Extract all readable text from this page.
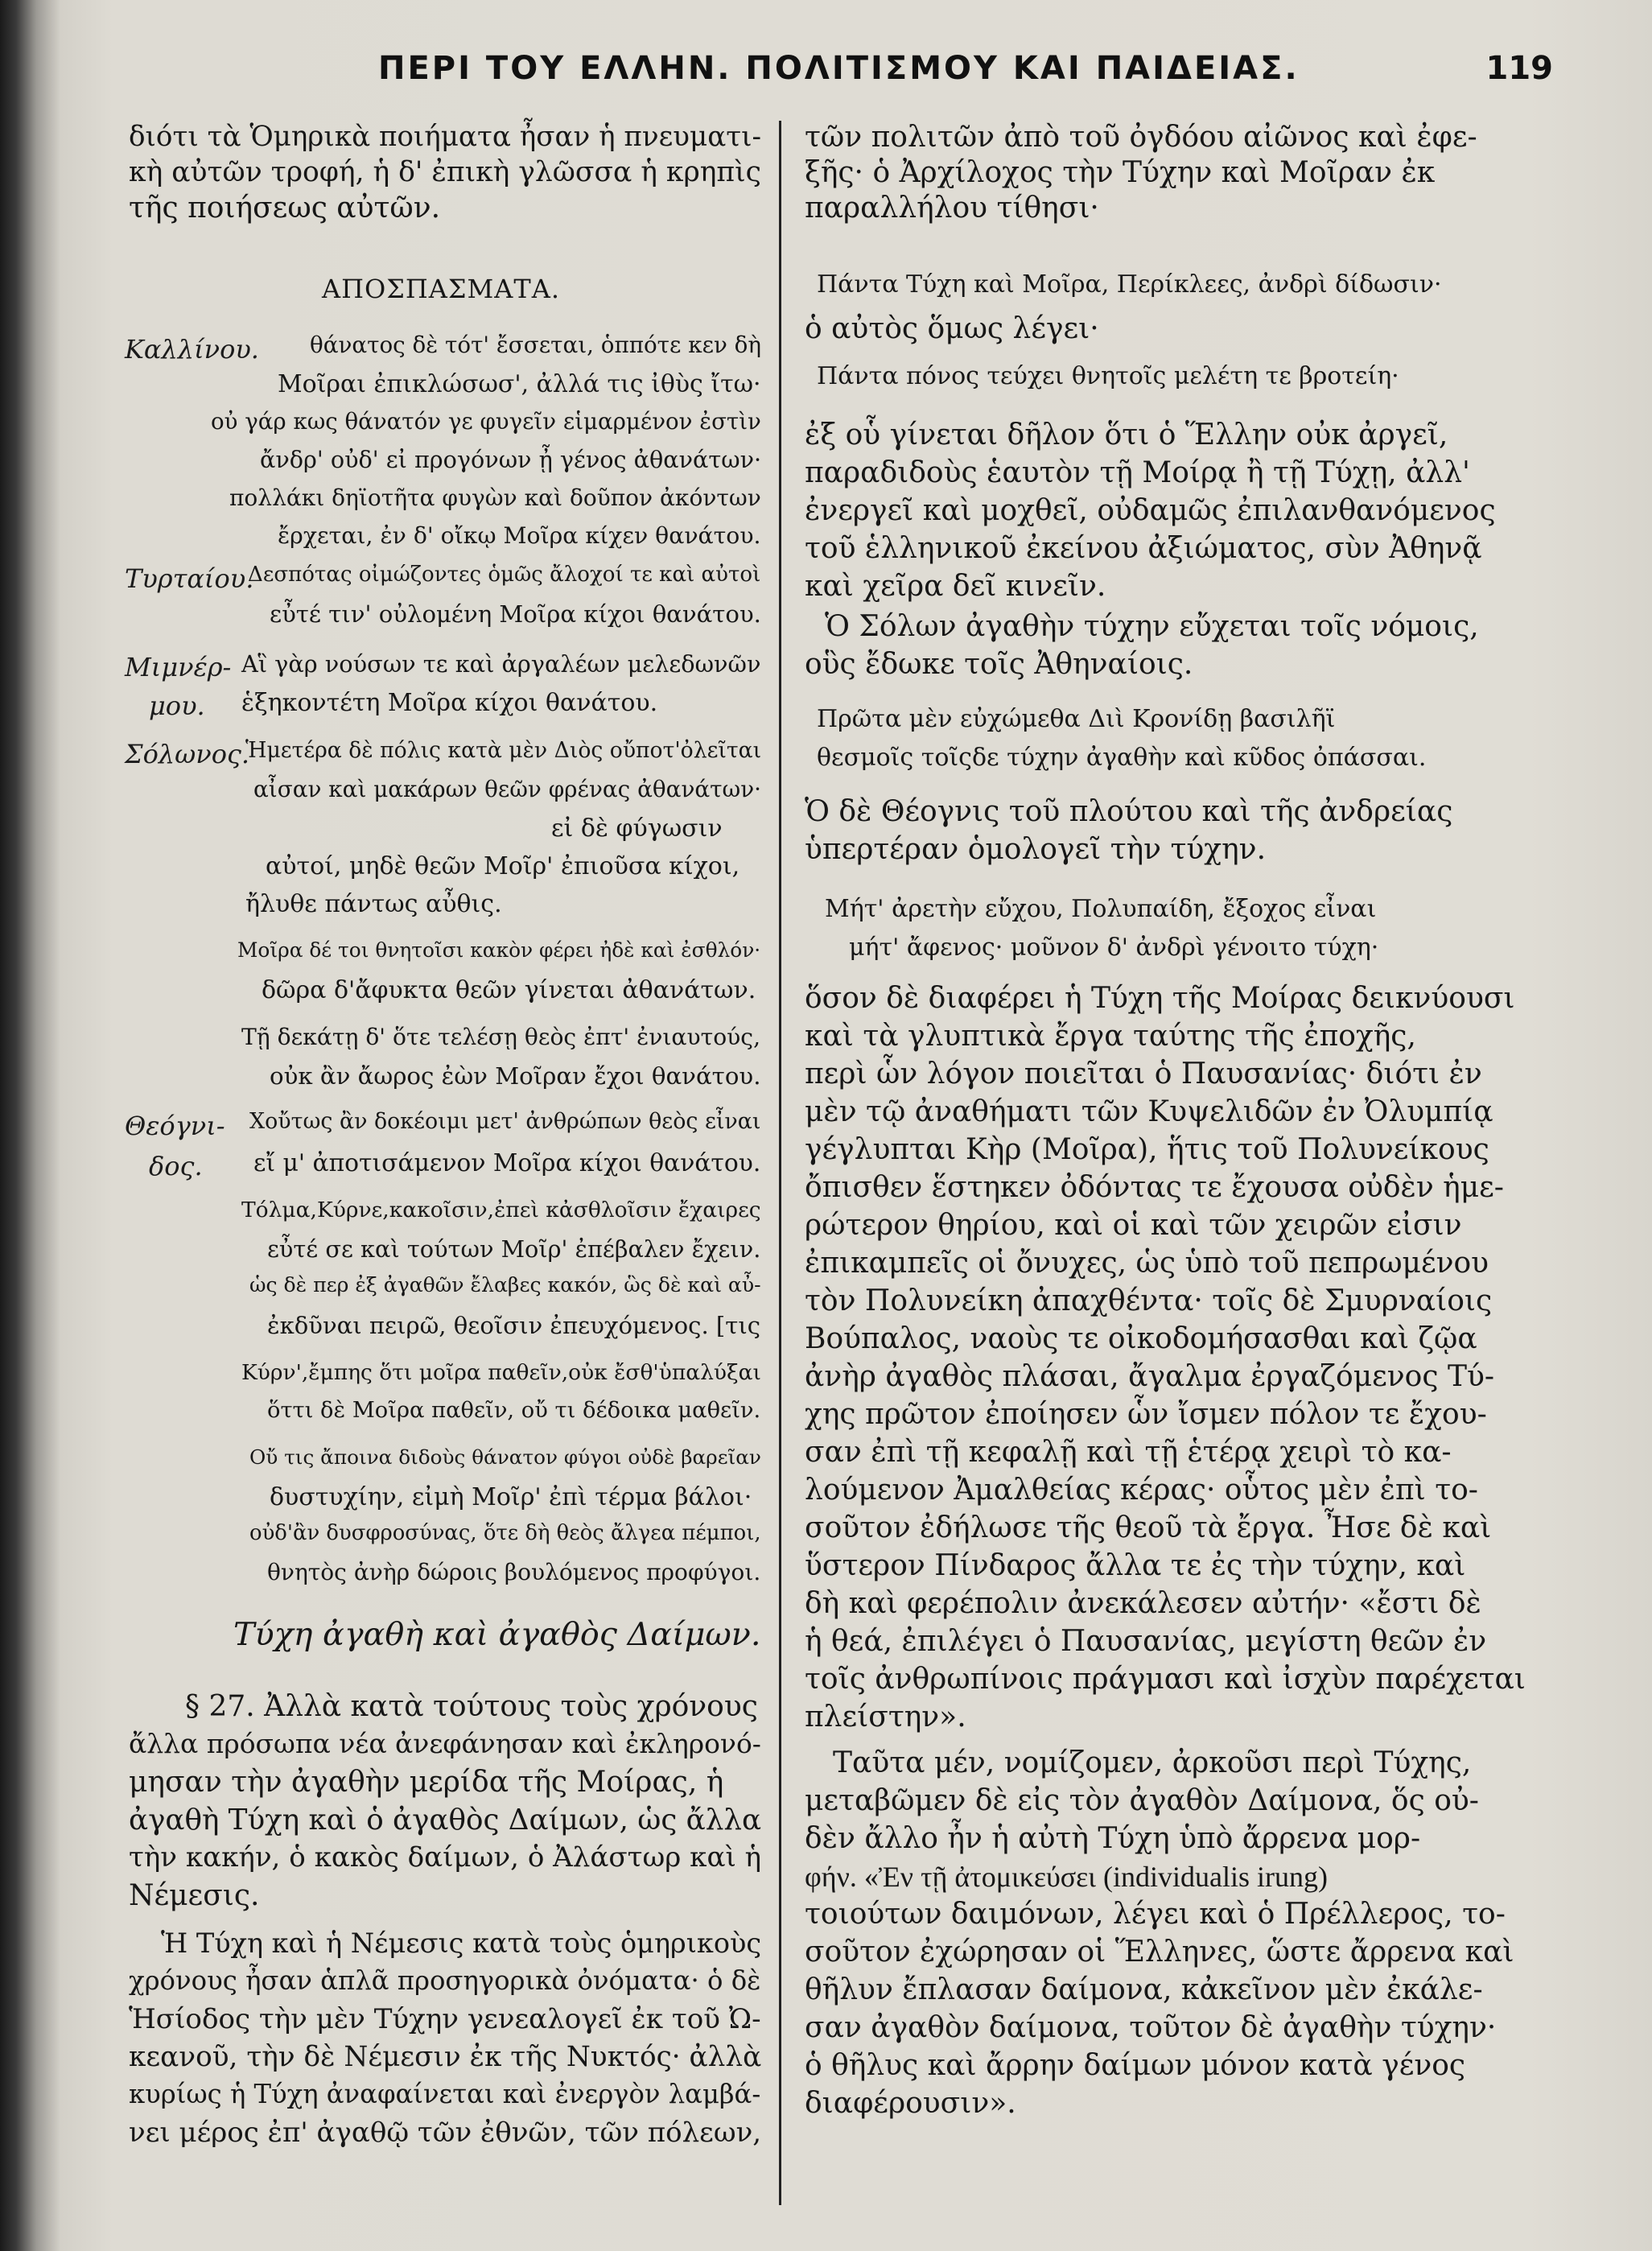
ΠΕΡΙ ΤΟΥ ΕΛΛΗΝ. ΠΟΛΙΤΙΣΜΟΥ ΚΑΙ ΠΑΙΔΕΙΑΣ.	119
διότι τὰ Ὁμηρικὰ ποιήματα ἦσαν ἡ πνευματι-
κὴ αὐτῶν τροφή, ἡ δ' ἐπικὴ γλῶσσα ἡ κρηπὶς
τῆς ποιήσεως αὐτῶν.
ΑΠΟΣΠΑΣΜΑΤΑ.
Καλλίνου. θάνατος δὲ τότ' ἔσσεται, ὁππότε κεν δὴ
Μοῖραι ἐπικλώσωσ', ἀλλά τις ἰθὺς ἴτω·
οὐ γάρ κως θάνατόν γε φυγεῖν εἱμαρμένον ἐστὶν
ἄνδρ' οὐδ' εἰ προγόνων ᾖ γένος ἀθανάτων·
πολλάκι δηϊοτῆτα φυγὼν καὶ δοῦπον ἀκόντων
ἔρχεται, ἐν δ' οἴκῳ Μοῖρα κίχεν θανάτου.
Τυρταίου.
Δεσπότας οἰμώζοντες ὁμῶς ἄλοχοί τε καὶ αὐτοὶ
εὖτέ τιν' οὐλομένη Μοῖρα κίχοι θανάτου.
Μιμνέρ-
μου.
Αἳ γὰρ νούσων τε καὶ ἀργαλέων μελεδωνῶν
ἑξηκοντέτη Μοῖρα κίχοι θανάτου.
Σόλωνος.
Ἡμετέρα δὲ πόλις κατὰ μὲν Διὸς οὔποτ'ὀλεῖται
αἶσαν καὶ μακάρων θεῶν φρένας ἀθανάτων·
εἰ δὲ φύγωσιν
αὐτοί, μηδὲ θεῶν Μοῖρ' ἐπιοῦσα κίχοι,
ἤλυθε πάντως αὖθις.
Μοῖρα δέ τοι θνητοῖσι κακὸν φέρει ἠδὲ καὶ ἐσθλόν·
δῶρα δ'ἄφυκτα θεῶν γίνεται ἀθανάτων.
Τῇ δεκάτῃ δ' ὅτε τελέσῃ θεὸς ἐπτ' ἐνιαυτούς,
οὐκ ἂν ἄωρος ἐὼν Μοῖραν ἔχοι θανάτου.
Θεόγνι-
δος.
Χοὔτως ἂν δοκέοιμι μετ' ἀνθρώπων θεὸς εἶναι
εἴ μ' ἀποτισάμενον Μοῖρα κίχοι θανάτου.
Τόλμα,Κύρνε,κακοῖσιν,ἐπεὶ κἀσθλοῖσιν ἔχαιρες
εὖτέ σε καὶ τούτων Μοῖρ' ἐπέβαλεν ἔχειν.
ὡς δὲ περ ἐξ ἀγαθῶν ἔλαβες κακόν, ὣς δὲ καὶ αὖ-
ἐκδῦναι πειρῶ, θεοῖσιν ἐπευχόμενος. [τις
Κύρν',ἔμπης ὅτι μοῖρα παθεῖν,οὐκ ἔσθ'ὑπαλύξαι
ὅττι δὲ Μοῖρα παθεῖν, οὔ τι δέδοικα μαθεῖν.
Οὔ τις ἄποινα διδοὺς θάνατον φύγοι οὐδὲ βαρεῖαν
δυστυχίην, εἰμὴ Μοῖρ' ἐπὶ τέρμα βάλοι·
οὐδ'ἂν δυσφροσύνας, ὅτε δὴ θεὸς ἄλγεα πέμποι,
θνητὸς ἀνὴρ δώροις βουλόμενος προφύγοι.
Τύχη ἀγαθὴ καὶ ἀγαθὸς Δαίμων.
§ 27. Ἀλλὰ κατὰ τούτους τοὺς χρόνους
ἄλλα πρόσωπα νέα ἀνεφάνησαν καὶ ἐκληρονό-
μησαν τὴν ἀγαθὴν μερίδα τῆς Μοίρας, ἡ
ἀγαθὴ Τύχη καὶ ὁ ἀγαθὸς Δαίμων, ὡς ἄλλα
τὴν κακήν, ὁ κακὸς δαίμων, ὁ Ἀλάστωρ καὶ ἡ
Νέμεσις.
Ἡ Τύχη καὶ ἡ Νέμεσις κατὰ τοὺς ὁμηρικοὺς
χρόνους ἦσαν ἁπλᾶ προσηγορικὰ ὀνόματα· ὁ δὲ
Ἡσίοδος τὴν μὲν Τύχην γενεαλογεῖ ἐκ τοῦ Ὠ-
κεανοῦ, τὴν δὲ Νέμεσιν ἐκ τῆς Νυκτός· ἀλλὰ
κυρίως ἡ Τύχη ἀναφαίνεται καὶ ἐνεργὸν λαμβά-
νει μέρος ἐπ' ἀγαθῷ τῶν ἐθνῶν, τῶν πόλεων,
τῶν πολιτῶν ἀπὸ τοῦ ὀγδόου αἰῶνος καὶ ἐφε-
ξῆς· ὁ Ἀρχίλοχος τὴν Τύχην καὶ Μοῖραν ἐκ
παραλλήλου τίθησι·
Πάντα Τύχη καὶ Μοῖρα, Περίκλεες, ἀνδρὶ δίδωσιν·
ὁ αὐτὸς ὅμως λέγει·
Πάντα πόνος τεύχει θνητοῖς μελέτη τε βροτείη·
ἐξ οὗ γίνεται δῆλον ὅτι ὁ Ἕλλην οὐκ ἀργεῖ,
παραδιδοὺς ἑαυτὸν τῇ Μοίρᾳ ἢ τῇ Τύχῃ, ἀλλ'
ἐνεργεῖ καὶ μοχθεῖ, οὐδαμῶς ἐπιλανθανόμενος
τοῦ ἑλληνικοῦ ἐκείνου ἀξιώματος, σὺν Ἀθηνᾷ
καὶ χεῖρα δεῖ κινεῖν.
Ὁ Σόλων ἀγαθὴν τύχην εὔχεται τοῖς νόμοις,
οὓς ἔδωκε τοῖς Ἀθηναίοις.
Πρῶτα μὲν εὐχώμεθα Διὶ Κρονίδῃ βασιλῆϊ
θεσμοῖς τοῖςδε τύχην ἀγαθὴν καὶ κῦδος ὀπάσσαι.
Ὁ δὲ Θέογνις τοῦ πλούτου καὶ τῆς ἀνδρείας
ὑπερτέραν ὁμολογεῖ τὴν τύχην.
Μήτ' ἀρετὴν εὔχου, Πολυπαίδη, ἔξοχος εἶναι
μήτ' ἄφενος· μοῦνον δ' ἀνδρὶ γένοιτο τύχη·
ὅσον δὲ διαφέρει ἡ Τύχη τῆς Μοίρας δεικνύουσι
καὶ τὰ γλυπτικὰ ἔργα ταύτης τῆς ἐποχῆς,
περὶ ὧν λόγον ποιεῖται ὁ Παυσανίας· διότι ἐν
μὲν τῷ ἀναθήματι τῶν Κυψελιδῶν ἐν Ὀλυμπίᾳ
γέγλυπται Κὴρ (Μοῖρα), ἥτις τοῦ Πολυνείκους
ὄπισθεν ἕστηκεν ὀδόντας τε ἔχουσα οὐδὲν ἡμε-
ρώτερον θηρίου, καὶ οἱ καὶ τῶν χειρῶν εἰσιν
ἐπικαμπεῖς οἱ ὄνυχες, ὡς ὑπὸ τοῦ πεπρωμένου
τὸν Πολυνείκη ἀπαχθέντα· τοῖς δὲ Σμυρναίοις
Βούπαλος, ναοὺς τε οἰκοδομήσασθαι καὶ ζῷα
ἀνὴρ ἀγαθὸς πλάσαι, ἄγαλμα ἐργαζόμενος Τύ-
χης πρῶτον ἐποίησεν ὧν ἴσμεν πόλον τε ἔχου-
σαν ἐπὶ τῇ κεφαλῇ καὶ τῇ ἑτέρᾳ χειρὶ τὸ κα-
λούμενον Ἀμαλθείας κέρας· οὗτος μὲν ἐπὶ το-
σοῦτον ἐδήλωσε τῆς θεοῦ τὰ ἔργα. Ἦσε δὲ καὶ
ὕστερον Πίνδαρος ἄλλα τε ἐς τὴν τύχην, καὶ
δὴ καὶ φερέπολιν ἀνεκάλεσεν αὐτήν· «ἔστι δὲ
ἡ θεά, ἐπιλέγει ὁ Παυσανίας, μεγίστη θεῶν ἐν
τοῖς ἀνθρωπίνοις πράγμασι καὶ ἰσχὺν παρέχεται
πλείστην».
Ταῦτα μέν, νομίζομεν, ἀρκοῦσι περὶ Τύχης,
μεταβῶμεν δὲ εἰς τὸν ἀγαθὸν Δαίμονα, ὅς οὐ-
δὲν ἄλλο ἦν ἡ αὐτὴ Τύχη ὑπὸ ἄρρενα μορ-
φήν. «Ἐν τῇ ἀτομικεύσει (individualis irung)
τοιούτων δαιμόνων, λέγει καὶ ὁ Πρέλλερος, το-
σοῦτον ἐχώρησαν οἱ Ἕλληνες, ὥστε ἄρρενα καὶ
θῆλυν ἔπλασαν δαίμονα, κἀκεῖνον μὲν ἐκάλε-
σαν ἀγαθὸν δαίμονα, τοῦτον δὲ ἀγαθὴν τύχην·
ὁ θῆλυς καὶ ἄρρην δαίμων μόνον κατὰ γένος
διαφέρουσιν».
